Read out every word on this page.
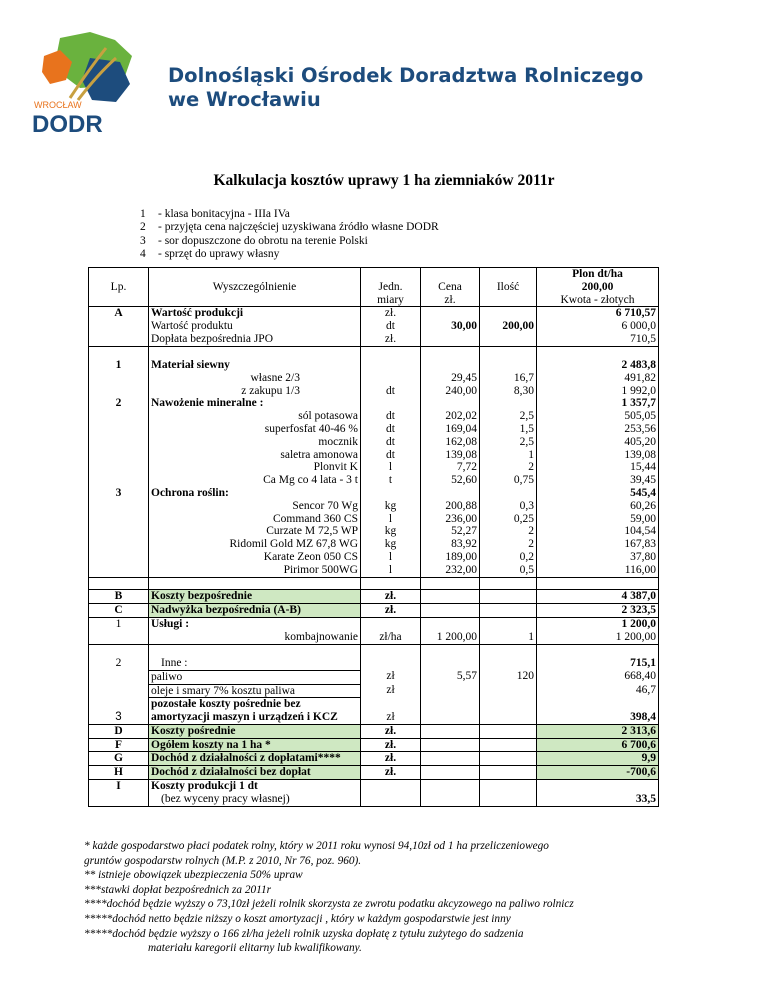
WROCŁAW
DODR
Dolnośląski Ośrodek Doradztwa Rolniczego
we Wrocławiu
Kalkulacja kosztów uprawy 1 ha ziemniaków 2011r
1	- klasa bonitacyjna - IIIa IVa
2	- przyjęta cena najczęściej uzyskiwana źródło własne DODR
3	- sor dopuszczone do obrotu na terenie Polski
4	- sprzęt do uprawy własny
					Plon dt/ha
Lp.	Wyszczególnienie	Jedn.	Cena	Ilość	200,00
		miary	zł.		Kwota - złotych
A	Wartość produkcji	zł.			6 710,57
	Wartość produktu	dt	30,00	200,00	6 000,0
	Dopłata bezpośrednia JPO	zł.			710,5

1	Materiał siewny				2 483,8
	własne 2/3		29,45	16,7	491,82
	z zakupu 1/3	dt	240,00	8,30	1 992,0
2	Nawożenie mineralne :				1 357,7
	sól potasowa	dt	202,02	2,5	505,05
	superfosfat 40-46 %	dt	169,04	1,5	253,56
	mocznik	dt	162,08	2,5	405,20
	saletra amonowa	dt	139,08	1	139,08
	Plonvit K	l	7,72	2	15,44
	Ca Mg co 4 lata - 3 t	t	52,60	0,75	39,45
3	Ochrona roślin:				545,4
	Sencor 70 Wg	kg	200,88	0,3	60,26
	Command 360 CS	l	236,00	0,25	59,00
	Curzate M 72,5 WP	kg	52,27	2	104,54
	Ridomil Gold MZ 67,8 WG	kg	83,92	2	167,83
	Karate Zeon 050 CS	l	189,00	0,2	37,80
	Pirimor 500WG	l	232,00	0,5	116,00

B	Koszty bezpośrednie	zł.			4 387,0
C	Nadwyżka bezpośrednia (A-B)	zł.			2 323,5
1	Usługi :				1 200,0
	kombajnowanie	zł/ha	1 200,00	1	1 200,00

2	Inne :				715,1
	paliwo	zł	5,57	120	668,40
	oleje i smary 7% kosztu paliwa	zł			46,7
	pozostałe koszty pośrednie bez				
3	amortyzacji maszyn i urządzeń i KCZ	zł			398,4
D	Koszty pośrednie	zł.			2 313,6
F	Ogółem koszty na 1 ha *	zł.			6 700,6
G	Dochód z działalności z dopłatami****	zł.			9,9
H	Dochód z działalności bez dopłat	zł.			-700,6
I	Koszty produkcji 1 dt				
	(bez wyceny pracy własnej)				33,5
* każde gospodarstwo płaci podatek rolny, który w 2011 roku wynosi 94,10zł od 1 ha przeliczeniowego
gruntów gospodarstw rolnych (M.P. z 2010, Nr 76, poz. 960).
** istnieje obowiązek ubezpieczenia 50% upraw
***stawki dopłat bezpośrednich za 2011r
****dochód będzie wyższy o 73,10zł jeżeli rolnik skorzysta ze zwrotu podatku akcyzowego na paliwo rolnicz
*****dochód netto będzie niższy o koszt amortyzacji , który w każdym gospodarstwie jest inny
*****dochód będzie wyższy o 166 zł/ha jeżeli rolnik uzyska dopłatę z tytułu zużytego do sadzenia
materiału karegorii elitarny lub kwalifikowany.
